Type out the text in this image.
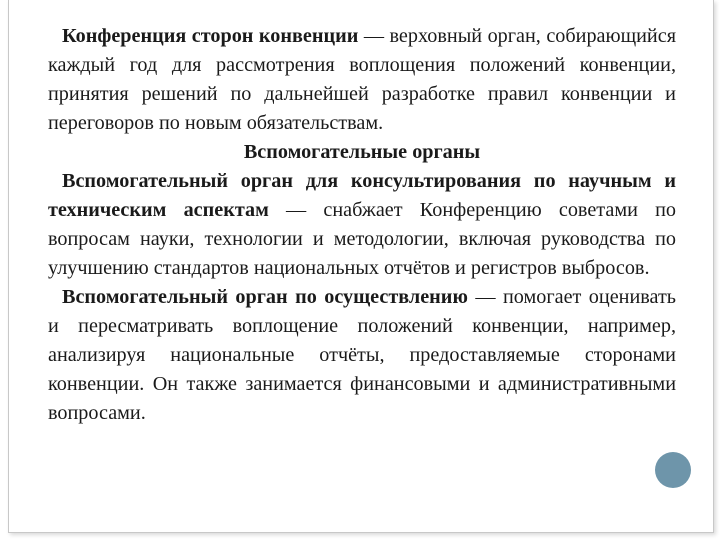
Конференция сторон конвенции — верховный орган, собирающийся каждый год для рассмотрения воплощения положений конвенции, принятия решений по дальнейшей разработке правил конвенции и переговоров по новым обязательствам.

Вспомогательные органы

Вспомогательный орган для консультирования по научным и техническим аспектам — снабжает Конференцию советами по вопросам науки, технологии и методологии, включая руководства по улучшению стандартов национальных отчётов и регистров выбросов.

Вспомогательный орган по осуществлению — помогает оценивать и пересматривать воплощение положений конвенции, например, анализируя национальные отчёты, предоставляемые сторонами конвенции. Он также занимается финансовыми и административными вопросами.
